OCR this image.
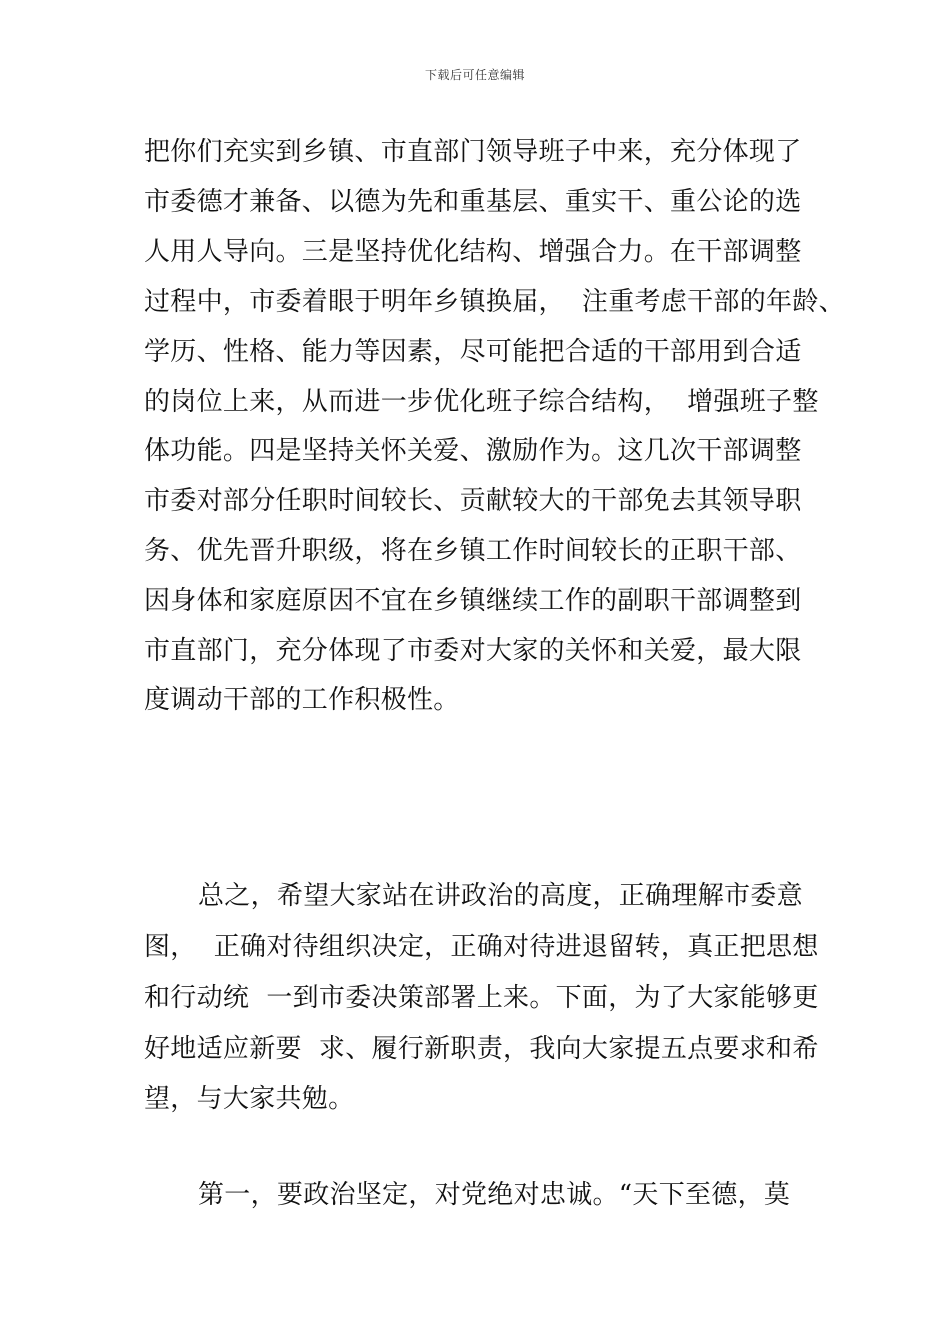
下载后可任意编辑
把你们充实到乡镇、市直部门领导班子中来，充分体现了
市委德才兼备、以德为先和重基层、重实干、重公论的选
人用人导向。三是坚持优化结构、增强合力。在干部调整
过程中，市委着眼于明年乡镇换届，  注重考虑干部的年龄、
学历、性格、能力等因素，尽可能把合适的干部用到合适
的岗位上来，从而进一步优化班子综合结构，  增强班子整
体功能。四是坚持关怀关爱、激励作为。这几次干部调整
市委对部分任职时间较长、贡献较大的干部免去其领导职
务、优先晋升职级，将在乡镇工作时间较长的正职干部、
因身体和家庭原因不宜在乡镇继续工作的副职干部调整到
市直部门，充分体现了市委对大家的关怀和关爱，最大限
度调动干部的工作积极性。
总之，希望大家站在讲政治的高度，正确理解市委意
图，  正确对待组织决定，正确对待进退留转，真正把思想
和行动统  一到市委决策部署上来。下面，为了大家能够更
好地适应新要  求、履行新职责，我向大家提五点要求和希
望，与大家共勉。
第一，要政治坚定，对党绝对忠诚。“天下至德，莫
